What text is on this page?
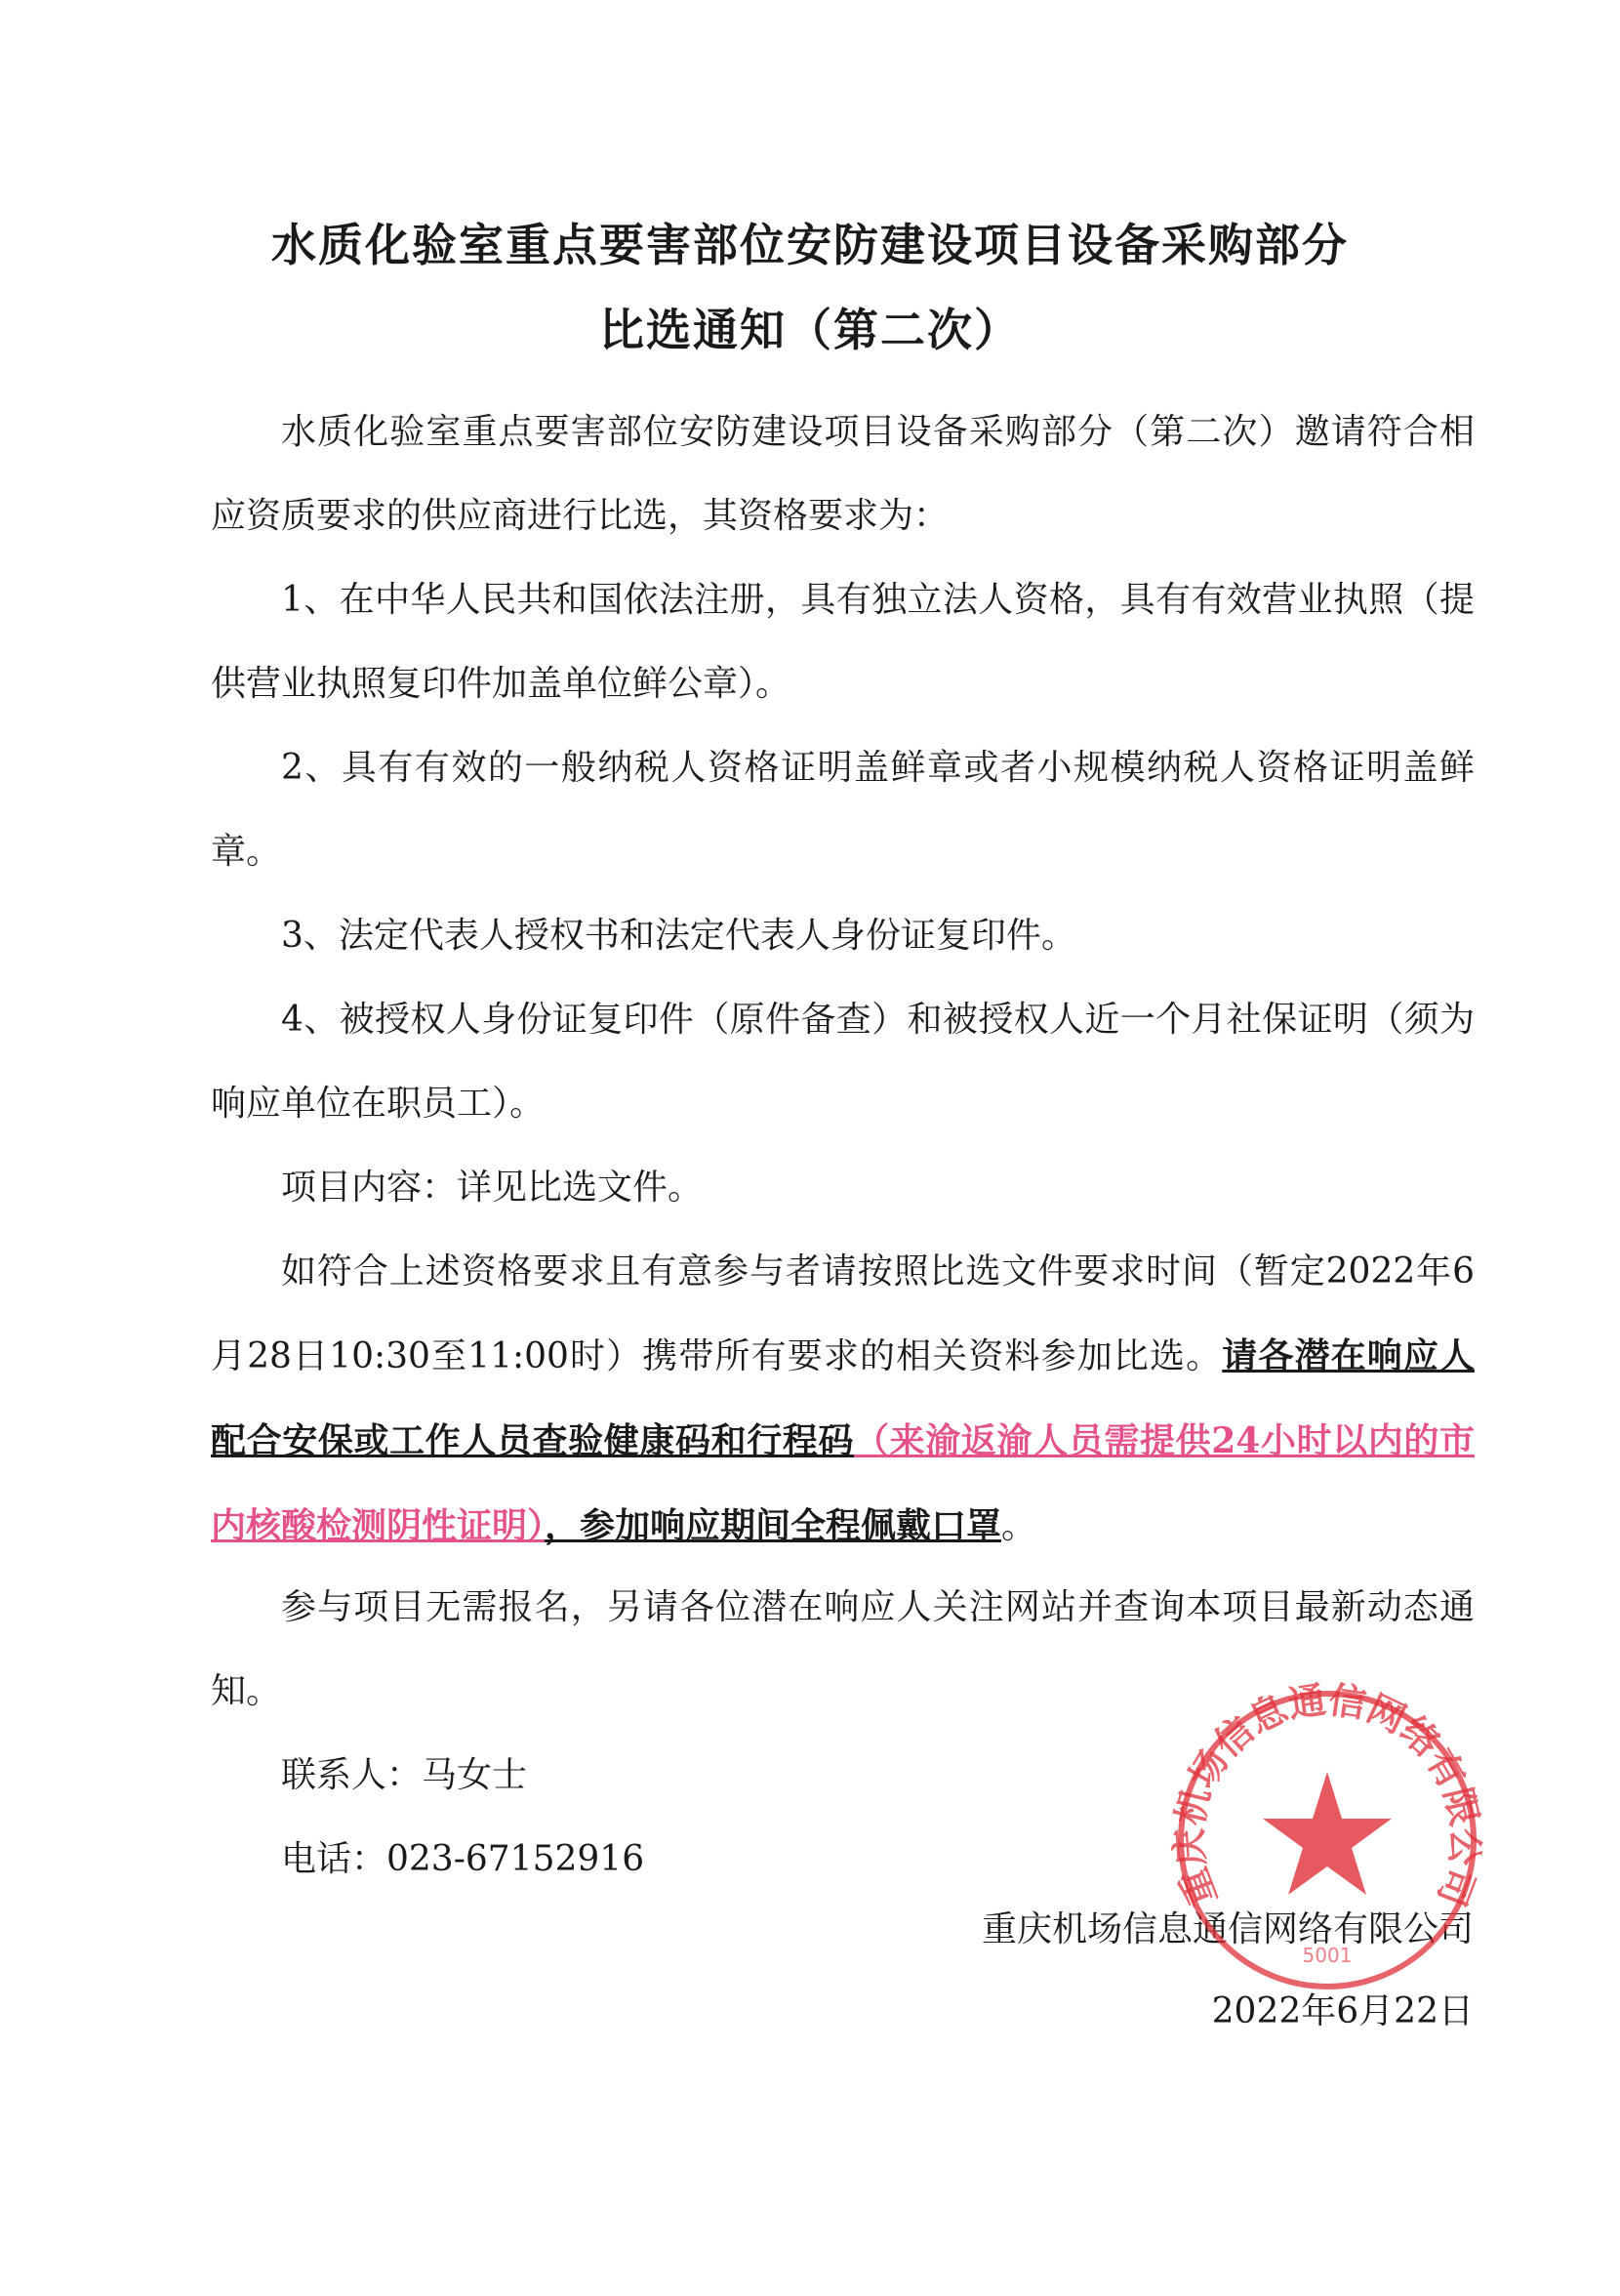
水质化验室重点要害部位安防建设项目设备采购部分
比选通知（第二次）

水质化验室重点要害部位安防建设项目设备采购部分（第二次）邀请符合相应资质要求的供应商进行比选，其资格要求为：

1、在中华人民共和国依法注册，具有独立法人资格，具有有效营业执照（提供营业执照复印件加盖单位鲜公章）。

2、具有有效的一般纳税人资格证明盖鲜章或者小规模纳税人资格证明盖鲜章。

3、法定代表人授权书和法定代表人身份证复印件。

4、被授权人身份证复印件（原件备查）和被授权人近一个月社保证明（须为响应单位在职员工）。

项目内容：详见比选文件。

如符合上述资格要求且有意参与者请按照比选文件要求时间（暂定2022年6月28日10:30至11:00时）携带所有要求的相关资料参加比选。请各潜在响应人配合安保或工作人员查验健康码和行程码（来渝返渝人员需提供24小时以内的市内核酸检测阴性证明），参加响应期间全程佩戴口罩。

参与项目无需报名，另请各位潜在响应人关注网站并查询本项目最新动态通知。

联系人：马女士

电话：023-67152916

重庆机场信息通信网络有限公司
2022年6月22日
重庆机场信息通信网络有限公司
5001
